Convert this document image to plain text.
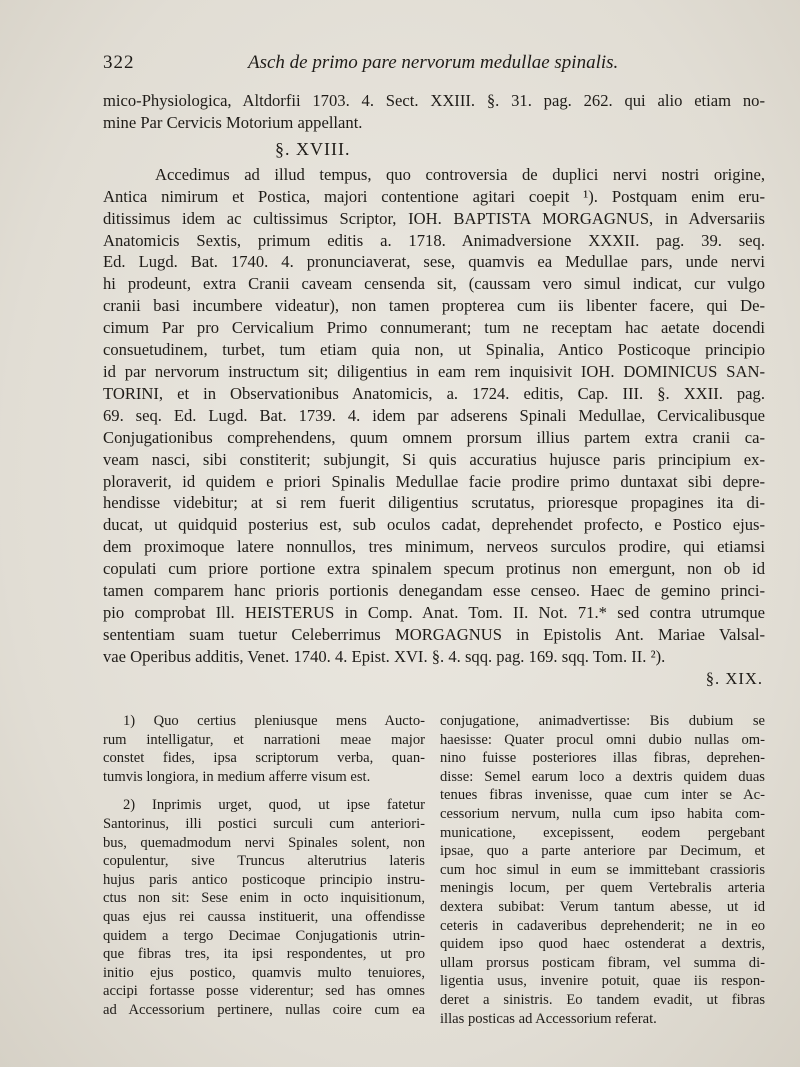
322	Asch de primo pare nervorum medullae spinalis.
mico-Physiologica, Altdorfii 1703. 4. Sect. XXIII. §. 31. pag. 262. qui alio etiam no-
mine Par Cervicis Motorium appellant.
§. XVIII.
Accedimus ad illud tempus, quo controversia de duplici nervi nostri origine,
Antica nimirum et Postica, majori contentione agitari coepit ¹). Postquam enim eru-
ditissimus idem ac cultissimus Scriptor, IOH. BAPTISTA MORGAGNUS, in Adversariis
Anatomicis Sextis, primum editis a. 1718. Animadversione XXXII. pag. 39. seq.
Ed. Lugd. Bat. 1740. 4. pronunciaverat, sese, quamvis ea Medullae pars, unde nervi
hi prodeunt, extra Cranii caveam censenda sit, (caussam vero simul indicat, cur vulgo
cranii basi incumbere videatur), non tamen propterea cum iis libenter facere, qui De-
cimum Par pro Cervicalium Primo connumerant; tum ne receptam hac aetate docendi
consuetudinem, turbet, tum etiam quia non, ut Spinalia, Antico Posticoque principio
id par nervorum instructum sit; diligentius in eam rem inquisivit IOH. DOMINICUS SAN-
TORINI, et in Observationibus Anatomicis, a. 1724. editis, Cap. III. §. XXII. pag.
69. seq. Ed. Lugd. Bat. 1739. 4. idem par adserens Spinali Medullae, Cervicalibusque
Conjugationibus comprehendens, quum omnem prorsum illius partem extra cranii ca-
veam nasci, sibi constiterit; subjungit, Si quis accuratius hujusce paris principium ex-
ploraverit, id quidem e priori Spinalis Medullae facie prodire primo duntaxat sibi depre-
hendisse videbitur; at si rem fuerit diligentius scrutatus, prioresque propagines ita di-
ducat, ut quidquid posterius est, sub oculos cadat, deprehendet profecto, e Postico ejus-
dem proximoque latere nonnullos, tres minimum, nerveos surculos prodire, qui etiamsi
copulati cum priore portione extra spinalem specum protinus non emergunt, non ob id
tamen comparem hanc prioris portionis denegandam esse censeo. Haec de gemino princi-
pio comprobat Ill. HEISTERUS in Comp. Anat. Tom. II. Not. 71.* sed contra utrumque
sententiam suam tuetur Celeberrimus MORGAGNUS in Epistolis Ant. Mariae Valsal-
vae Operibus additis, Venet. 1740. 4. Epist. XVI. §. 4. sqq. pag. 169. sqq. Tom. II. ²).
§. XIX.
1) Quo certius pleniusque mens Aucto-
rum intelligatur, et narrationi meae major
constet fides, ipsa scriptorum verba, quan-
tumvis longiora, in medium afferre visum est.
2) Inprimis urget, quod, ut ipse fatetur
Santorinus, illi postici surculi cum anteriori-
bus, quemadmodum nervi Spinales solent, non
copulentur, sive Truncus alterutrius lateris
hujus paris antico posticoque principio instru-
ctus non sit: Sese enim in octo inquisitionum,
quas ejus rei caussa instituerit, una offendisse
quidem a tergo Decimae Conjugationis utrin-
que fibras tres, ita ipsi respondentes, ut pro
initio ejus postico, quamvis multo tenuiores,
accipi fortasse posse viderentur; sed has omnes
ad Accessorium pertinere, nullas coire cum ea
conjugatione, animadvertisse: Bis dubium se
haesisse: Quater procul omni dubio nullas om-
nino fuisse posteriores illas fibras, deprehen-
disse: Semel earum loco a dextris quidem duas
tenues fibras invenisse, quae cum inter se Ac-
cessorium nervum, nulla cum ipso habita com-
municatione, excepissent, eodem pergebant
ipsae, quo a parte anteriore par Decimum, et
cum hoc simul in eum se immittebant crassioris
meningis locum, per quem Vertebralis arteria
dextera subibat: Verum tantum abesse, ut id
ceteris in cadaveribus deprehenderit; ne in eo
quidem ipso quod haec ostenderat a dextris,
ullam prorsus posticam fibram, vel summa di-
ligentia usus, invenire potuit, quae iis respon-
deret a sinistris. Eo tandem evadit, ut fibras
illas posticas ad Accessorium referat.
